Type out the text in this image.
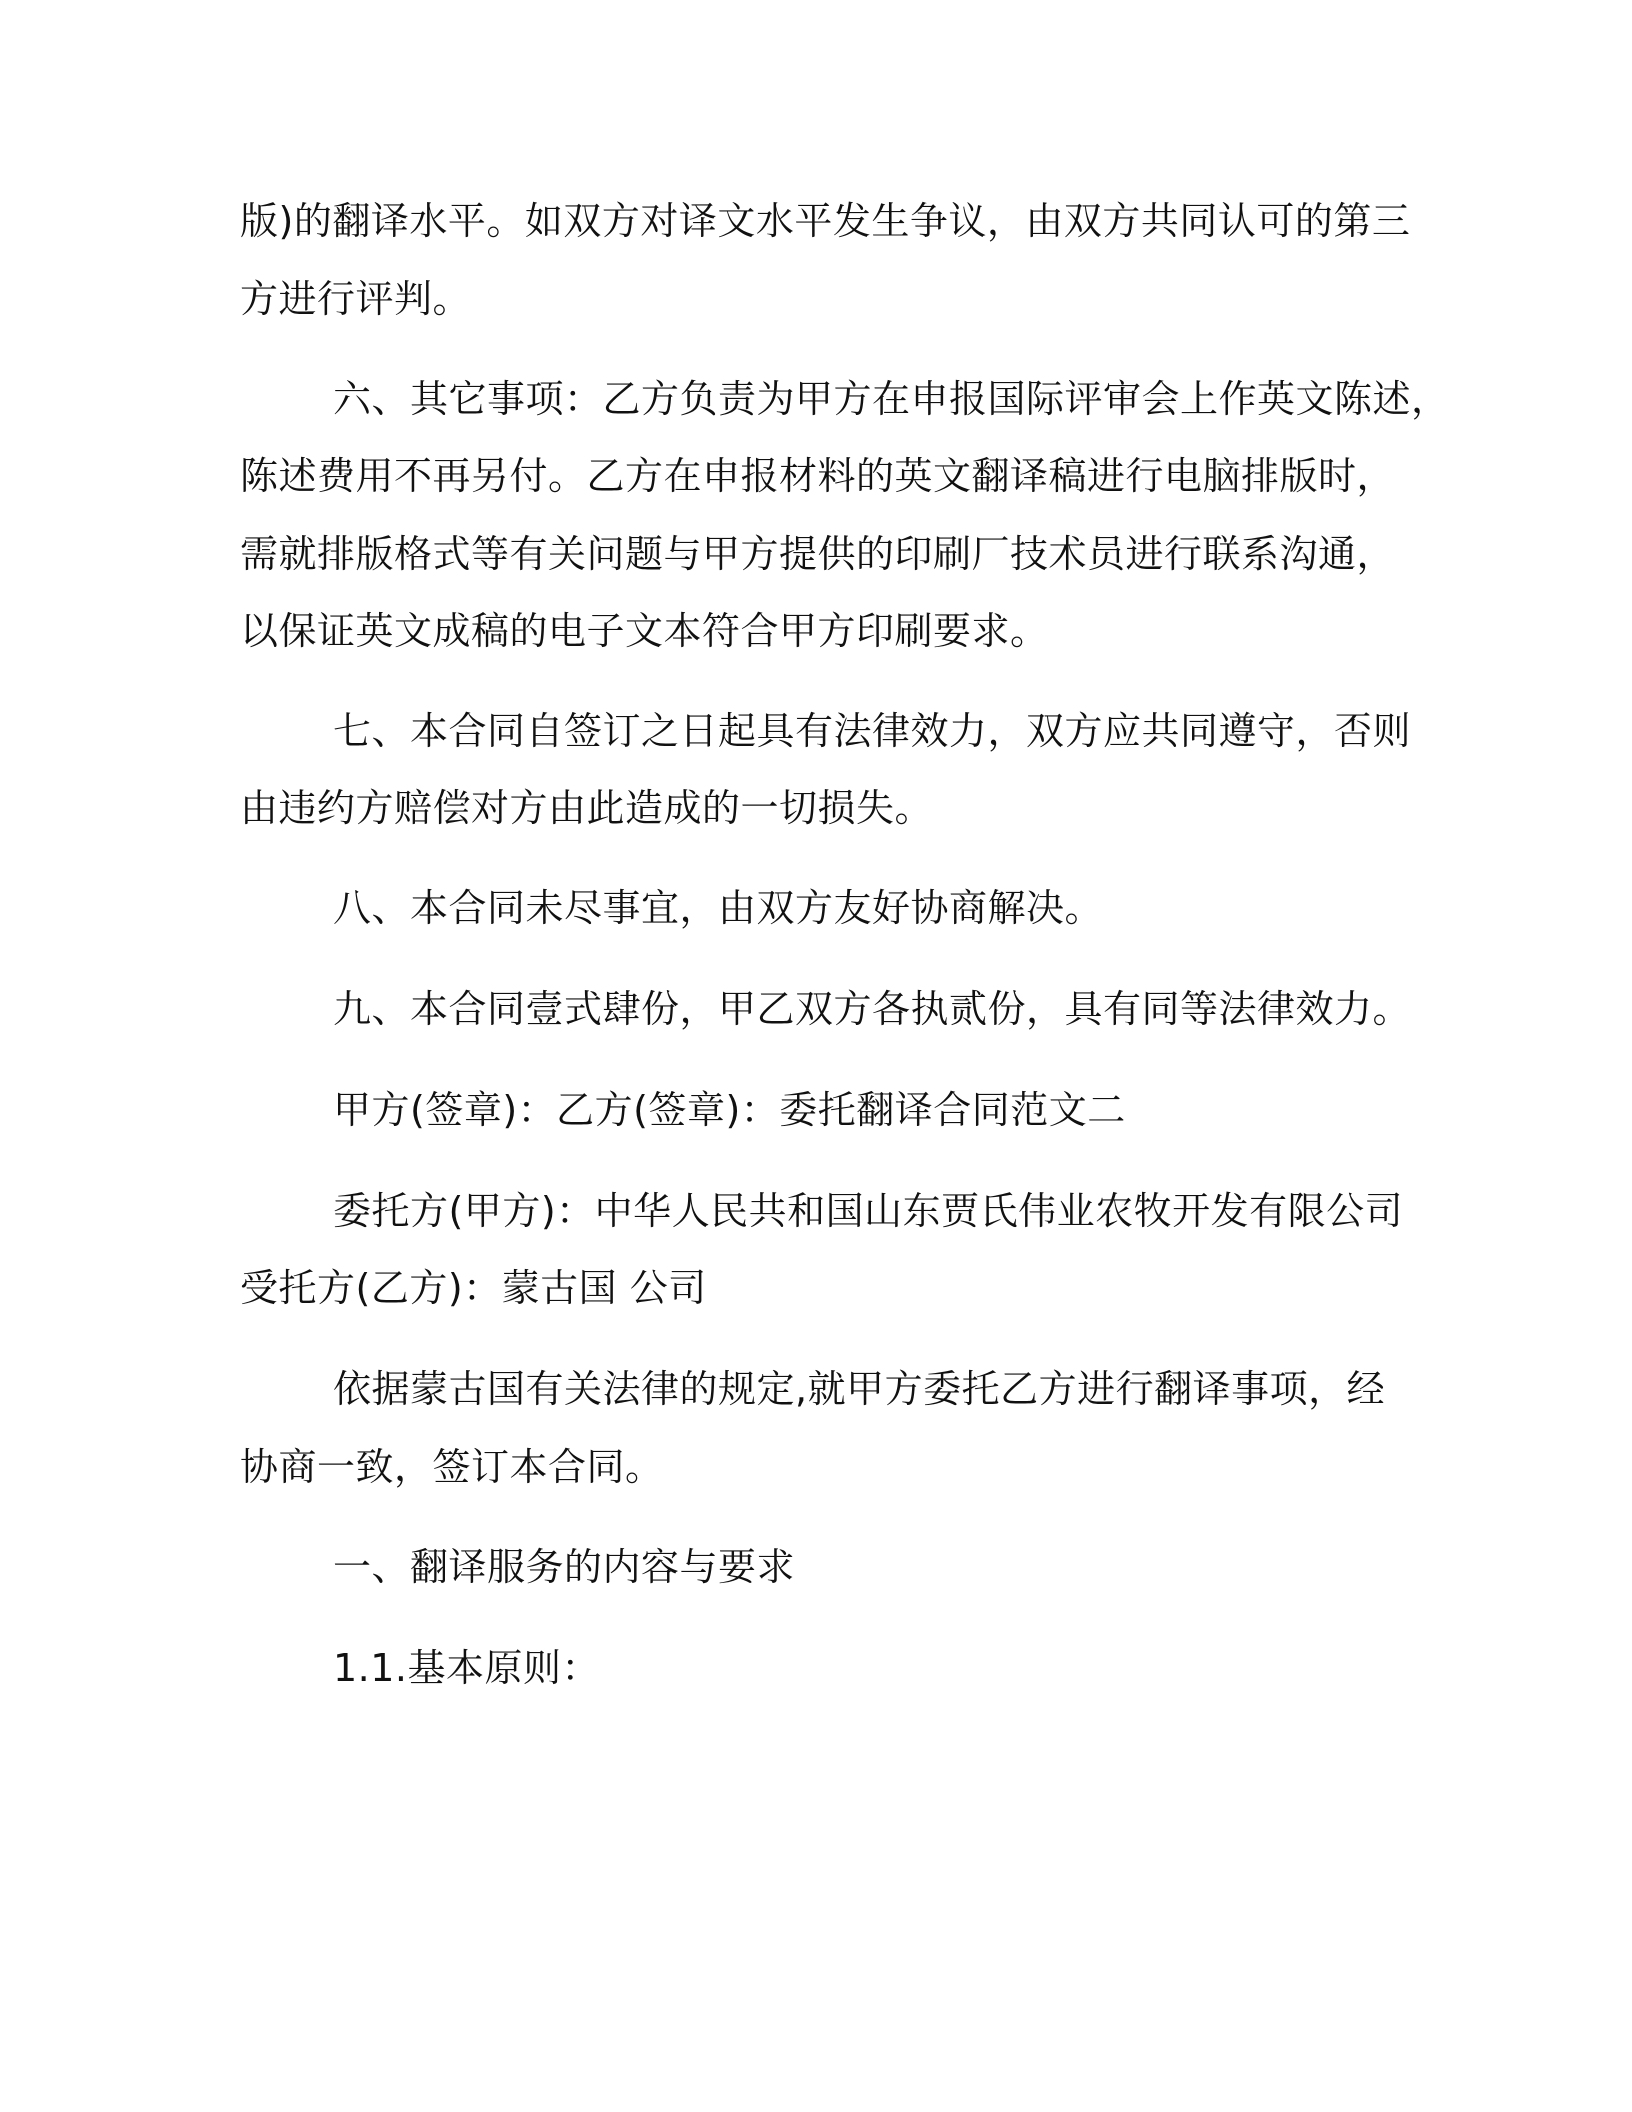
版)的翻译水平。如双方对译文水平发生争议，由双方共同认可的第三
方进行评判。
六、其它事项：乙方负责为甲方在申报国际评审会上作英文陈述，
陈述费用不再另付。乙方在申报材料的英文翻译稿进行电脑排版时，
需就排版格式等有关问题与甲方提供的印刷厂技术员进行联系沟通，
以保证英文成稿的电子文本符合甲方印刷要求。
七、本合同自签订之日起具有法律效力，双方应共同遵守，否则
由违约方赔偿对方由此造成的一切损失。
八、本合同未尽事宜，由双方友好协商解决。
九、本合同壹式肆份，甲乙双方各执贰份，具有同等法律效力。
甲方(签章)：乙方(签章)：委托翻译合同范文二
委托方(甲方)：中华人民共和国山东贾氏伟业农牧开发有限公司
受托方(乙方)：蒙古国 公司
依据蒙古国有关法律的规定,就甲方委托乙方进行翻译事项，经
协商一致，签订本合同。
一、翻译服务的内容与要求
1.1.基本原则：
